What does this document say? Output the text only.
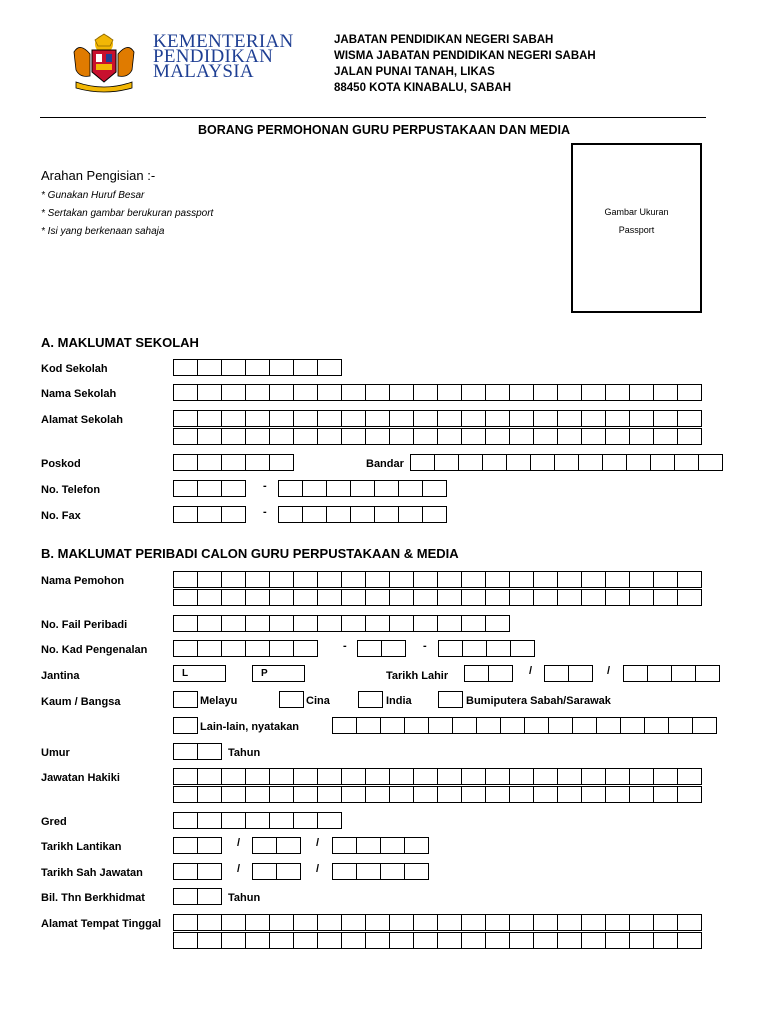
KEMENTERIAN
PENDIDIKAN
MALAYSIA
JABATAN PENDIDIKAN NEGERI SABAH
WISMA JABATAN PENDIDIKAN NEGERI SABAH
JALAN PUNAI TANAH, LIKAS
88450 KOTA KINABALU, SABAH
BORANG PERMOHONAN GURU PERPUSTAKAAN DAN MEDIA
Arahan Pengisian :-
* Gunakan Huruf Besar
* Sertakan gambar berukuran passport
* Isi yang berkenaan sahaja
Gambar Ukuran
Passport
A. MAKLUMAT SEKOLAH
Kod Sekolah
Nama Sekolah
Alamat Sekolah
Poskod	Bandar
No. Telefon	-
No. Fax	-
B. MAKLUMAT PERIBADI CALON GURU PERPUSTAKAAN & MEDIA
Nama Pemohon
No. Fail Peribadi
No. Kad Pengenalan	-	-
Jantina	L	P	Tarikh Lahir	/	/
Kaum / Bangsa	Melayu	Cina	India	Bumiputera Sabah/Sarawak
Lain-lain, nyatakan
Umur	Tahun
Jawatan Hakiki
Gred
Tarikh Lantikan	/	/
Tarikh Sah Jawatan	/	/
Bil. Thn Berkhidmat	Tahun
Alamat Tempat Tinggal
